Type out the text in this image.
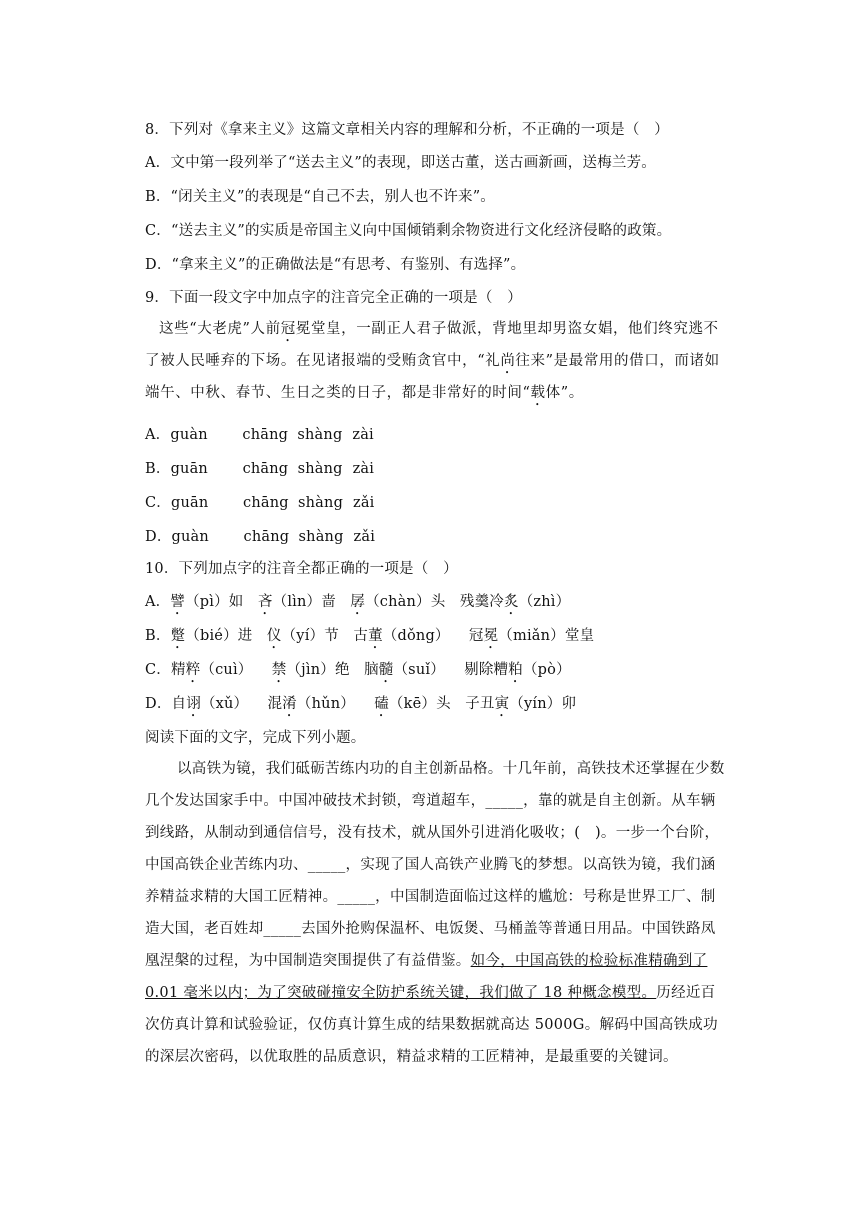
8．下列对《拿来主义》这篇文章相关内容的理解和分析，不正确的一项是（　）
A．文中第一段列举了“送去主义”的表现，即送古董，送古画新画，送梅兰芳。
B．“闭关主义”的表现是“自己不去，别人也不许来”。
C．“送去主义”的实质是帝国主义向中国倾销剩余物资进行文化经济侵略的政策。
D．“拿来主义”的正确做法是“有思考、有鉴别、有选择”。
9．下面一段文字中加点字的注音完全正确的一项是（　）
这些“大老虎”人前冠冕堂皇，一副正人君子做派，背地里却男盗女娼，他们终究逃不了被人民唾弃的下场。在见诸报端的受贿贪官中，“礼尚往来”是最常用的借口，而诸如端午、中秋、春节、生日之类的日子，都是非常好的时间“载体”。
A．guàn chāng shàng zài
B．guān chāng shàng zài
C．guān chāng shàng zǎi
D．guàn chāng shàng zǎi
10．下列加点字的注音全都正确的一项是（　）
A．譬（pì）如 吝（lìn）啬 孱（chàn）头 残羹冷炙（zhì）
B．蹩（bié）进 仪（yí）节 古董（dǒng） 冠冕（miǎn）堂皇
C．精粹（cuì） 禁（jìn）绝 脑髓（suǐ） 剔除糟粕（pò）
D．自诩（xǔ） 混淆（hǔn） 磕（kē）头 子丑寅（yín）卯
阅读下面的文字，完成下列小题。
以高铁为镜，我们砥砺苦练内功的自主创新品格。十几年前，高铁技术还掌握在少数几个发达国家手中。中国冲破技术封锁，弯道超车，_____，靠的就是自主创新。从车辆到线路，从制动到通信信号，没有技术，就从国外引进消化吸收；(　)。一步一个台阶，中国高铁企业苦练内功、_____，实现了国人高铁产业腾飞的梦想。以高铁为镜，我们涵养精益求精的大国工匠精神。_____，中国制造面临过这样的尴尬：号称是世界工厂、制造大国，老百姓却_____去国外抢购保温杯、电饭煲、马桶盖等普通日用品。中国铁路凤凰涅槃的过程，为中国制造突围提供了有益借鉴。如今，中国高铁的检验标准精确到了 0.01 毫米以内；为了突破碰撞安全防护系统关键，我们做了 18 种概念模型。历经近百次仿真计算和试验验证，仅仿真计算生成的结果数据就高达 5000G。解码中国高铁成功的深层次密码，以优取胜的品质意识，精益求精的工匠精神，是最重要的关键词。
